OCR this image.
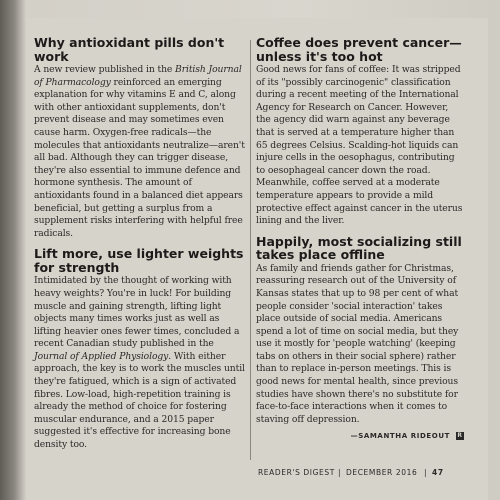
Why antioxidant pills don't work

A new review published in the British Journal of Pharmacology reinforced an emerging explanation for why vitamins E and C, along with other antioxidant supplements, don't prevent disease and may sometimes even cause harm. Oxygen-free radicals—the molecules that antioxidants neutralize—aren't all bad. Although they can trigger disease, they're also essential to immune defence and hormone synthesis. The amount of antioxidants found in a balanced diet appears beneficial, but getting a surplus from a supplement risks interfering with helpful free radicals.

Lift more, use lighter weights for strength

Intimidated by the thought of working with heavy weights? You're in luck! For building muscle and gaining strength, lifting light objects many times works just as well as lifting heavier ones fewer times, concluded a recent Canadian study published in the Journal of Applied Physiology. With either approach, the key is to work the muscles until they're fatigued, which is a sign of activated fibres. Low-load, high-repetition training is already the method of choice for fostering muscular endurance, and a 2015 paper suggested it's effective for increasing bone density too.

Coffee does prevent cancer—unless it's too hot

Good news for fans of coffee: It was stripped of its "possibly carcinogenic" classification during a recent meeting of the International Agency for Research on Cancer. However, the agency did warn against any beverage that is served at a temperature higher than 65 degrees Celsius. Scalding-hot liquids can injure cells in the oesophagus, contributing to oesophageal cancer down the road. Meanwhile, coffee served at a moderate temperature appears to provide a mild protective effect against cancer in the uterus lining and the liver.

Happily, most socializing still takes place offline

As family and friends gather for Christmas, reassuring research out of the University of Kansas states that up to 98 per cent of what people consider 'social interaction' takes place outside of social media. Americans spend a lot of time on social media, but they use it mostly for 'people watching' (keeping tabs on others in their social sphere) rather than to replace in-person meetings. This is good news for mental health, since previous studies have shown there's no substitute for face-to-face interactions when it comes to staving off depression.

—SAMANTHA RIDEOUT R
READER'S DIGEST | DECEMBER 2016 | 47
